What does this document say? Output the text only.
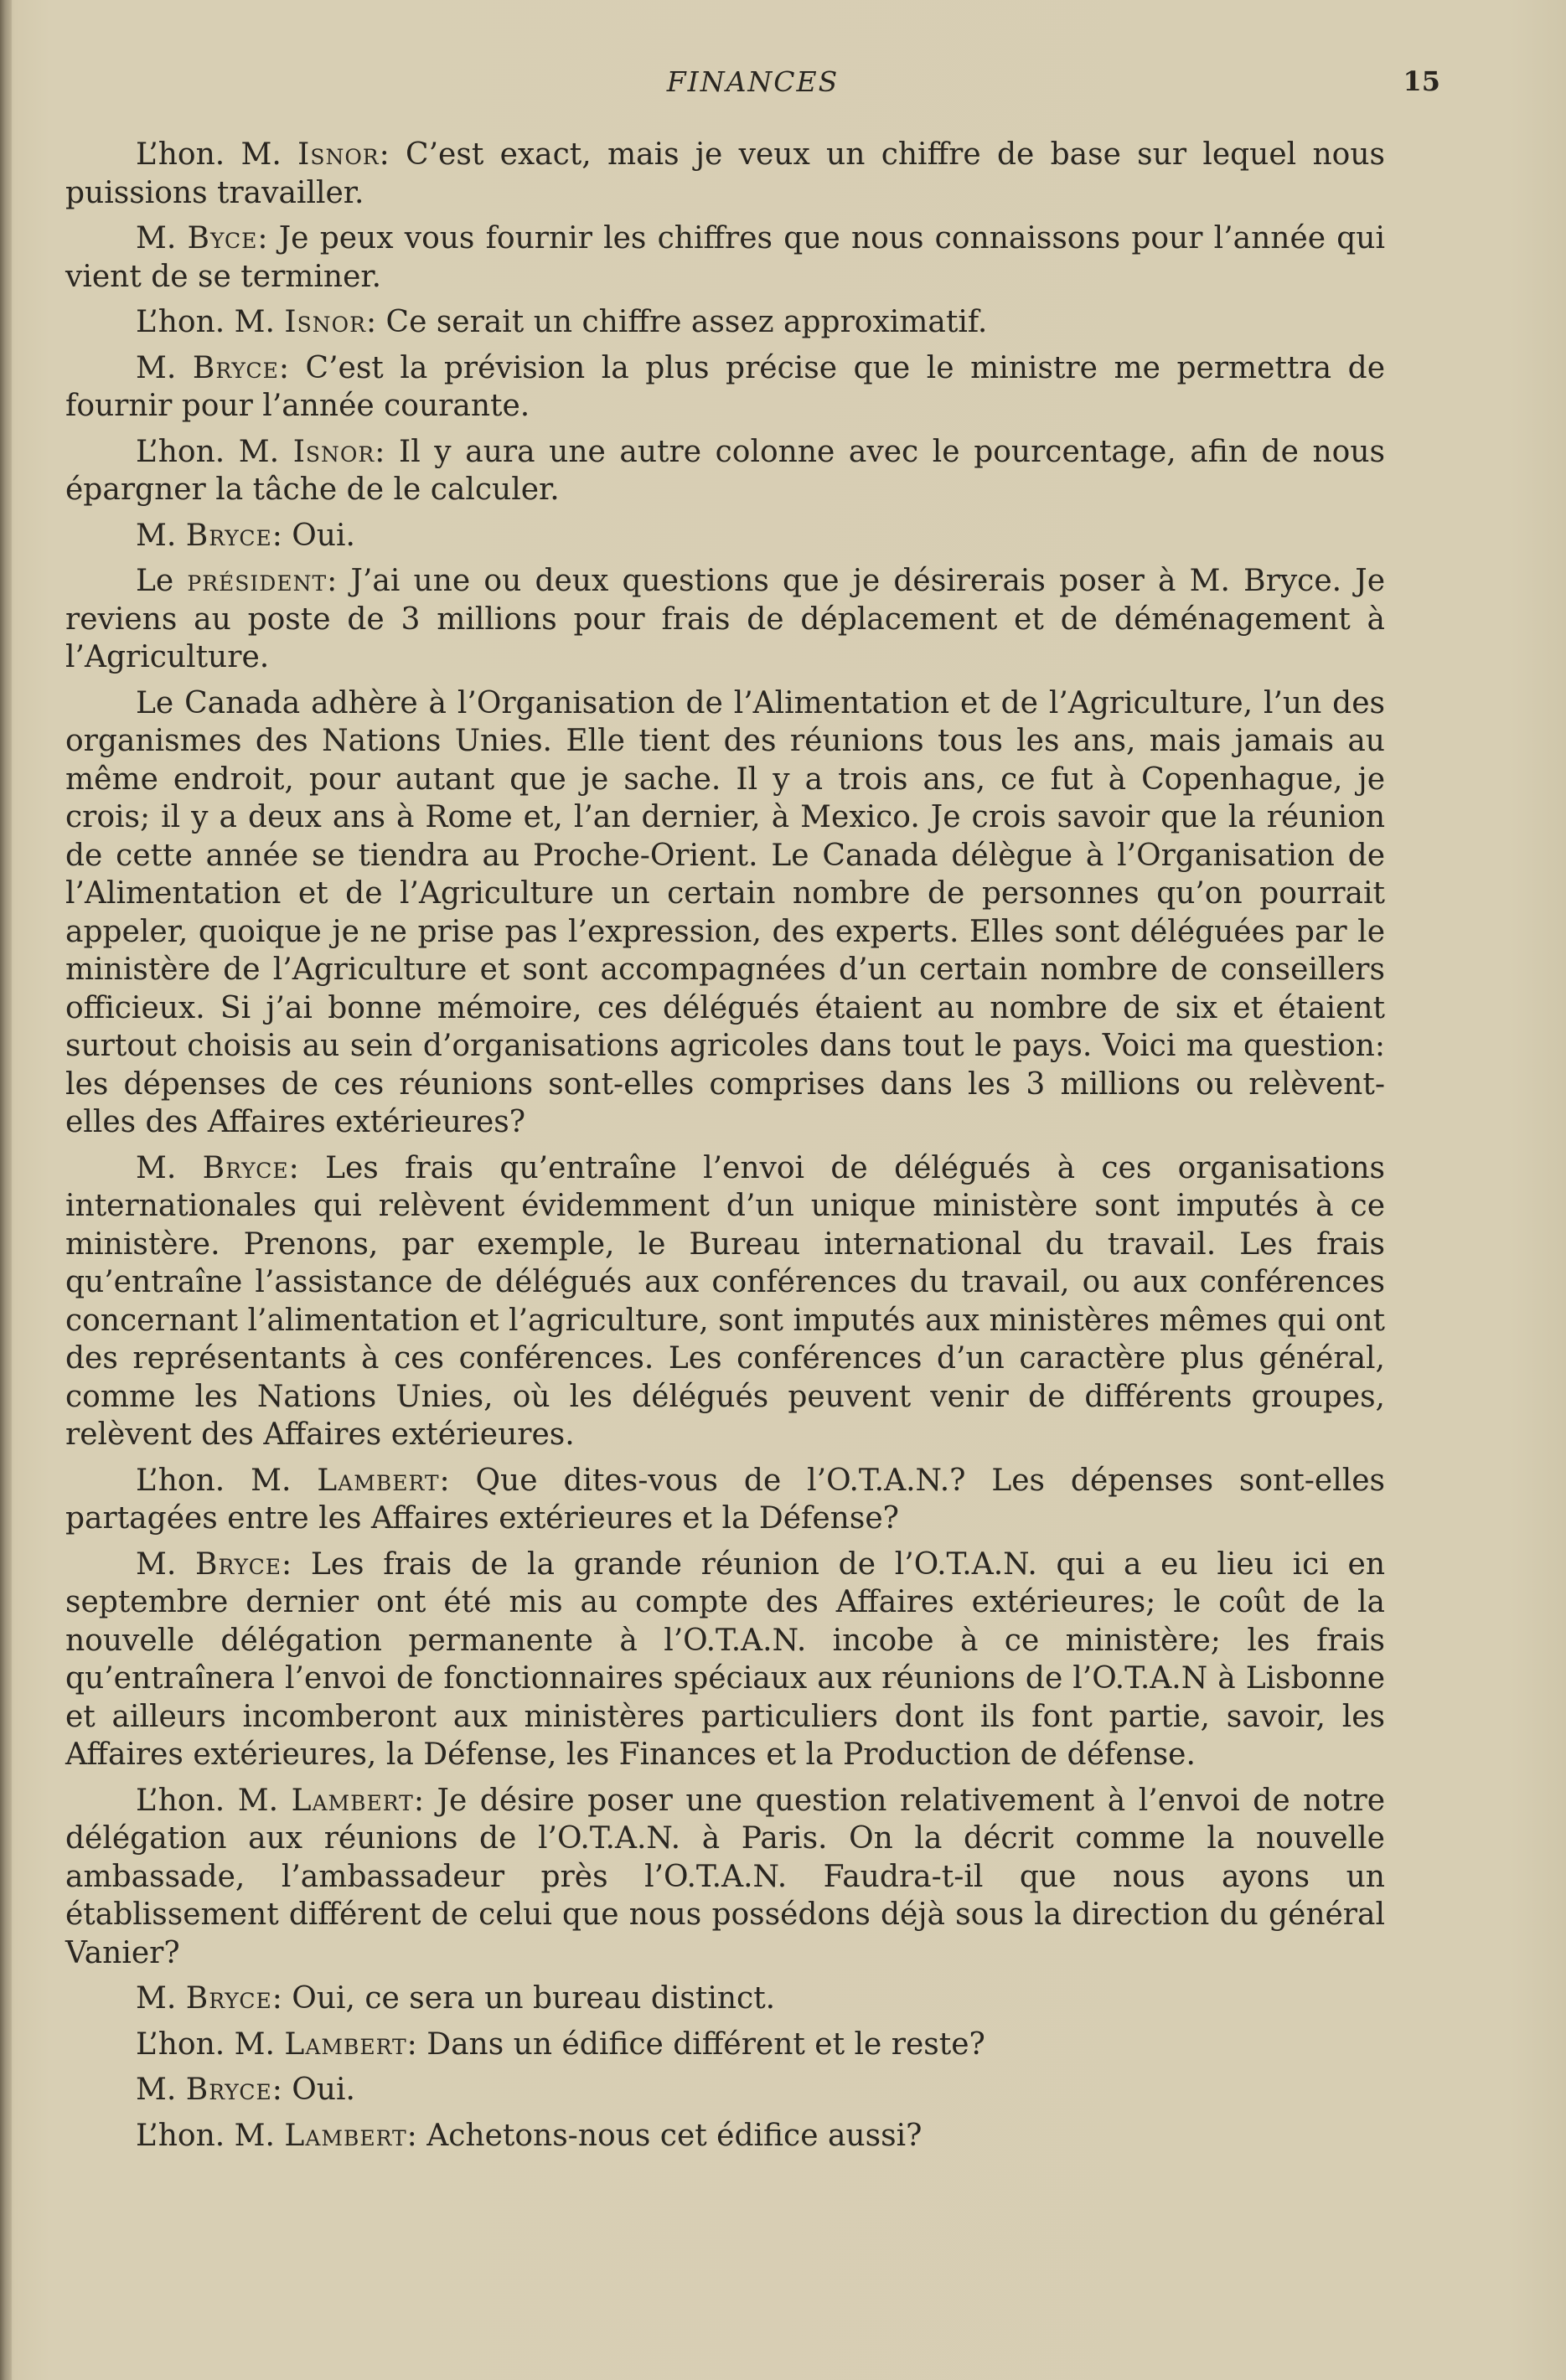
FINANCES	15

L’hon. M. Isnor: C’est exact, mais je veux un chiffre de base sur lequel nous puissions travailler.

M. Byce: Je peux vous fournir les chiffres que nous connaissons pour l’année qui vient de se terminer.

L’hon. M. Isnor: Ce serait un chiffre assez approximatif.

M. Bryce: C’est la prévision la plus précise que le ministre me permettra de fournir pour l’année courante.

L’hon. M. Isnor: Il y aura une autre colonne avec le pourcentage, afin de nous épargner la tâche de le calculer.

M. Bryce: Oui.

Le président: J’ai une ou deux questions que je désirerais poser à M. Bryce. Je reviens au poste de 3 millions pour frais de déplacement et de déménagement à l’Agriculture.

Le Canada adhère à l’Organisation de l’Alimentation et de l’Agriculture, l’un des organismes des Nations Unies. Elle tient des réunions tous les ans, mais jamais au même endroit, pour autant que je sache. Il y a trois ans, ce fut à Copenhague, je crois; il y a deux ans à Rome et, l’an dernier, à Mexico. Je crois savoir que la réunion de cette année se tiendra au Proche-Orient. Le Canada délègue à l’Organisation de l’Alimentation et de l’Agriculture un certain nombre de personnes qu’on pourrait appeler, quoique je ne prise pas l’expression, des experts. Elles sont déléguées par le ministère de l’Agriculture et sont accompagnées d’un certain nombre de conseillers officieux. Si j’ai bonne mémoire, ces délégués étaient au nombre de six et étaient surtout choisis au sein d’organisations agricoles dans tout le pays. Voici ma question: les dépenses de ces réunions sont-elles comprises dans les 3 millions ou relèvent-elles des Affaires extérieures?

M. Bryce: Les frais qu’entraîne l’envoi de délégués à ces organisations internationales qui relèvent évidemment d’un unique ministère sont imputés à ce ministère. Prenons, par exemple, le Bureau international du travail. Les frais qu’entraîne l’assistance de délégués aux conférences du travail, ou aux conférences concernant l’alimentation et l’agriculture, sont imputés aux ministères mêmes qui ont des représentants à ces conférences. Les conférences d’un caractère plus général, comme les Nations Unies, où les délégués peuvent venir de différents groupes, relèvent des Affaires extérieures.

L’hon. M. Lambert: Que dites-vous de l’O.T.A.N.? Les dépenses sont-elles partagées entre les Affaires extérieures et la Défense?

M. Bryce: Les frais de la grande réunion de l’O.T.A.N. qui a eu lieu ici en septembre dernier ont été mis au compte des Affaires extérieures; le coût de la nouvelle délégation permanente à l’O.T.A.N. incobe à ce ministère; les frais qu’entraînera l’envoi de fonctionnaires spéciaux aux réunions de l’O.T.A.N à Lisbonne et ailleurs incomberont aux ministères particuliers dont ils font partie, savoir, les Affaires extérieures, la Défense, les Finances et la Production de défense.

L’hon. M. Lambert: Je désire poser une question relativement à l’envoi de notre délégation aux réunions de l’O.T.A.N. à Paris. On la décrit comme la nouvelle ambassade, l’ambassadeur près l’O.T.A.N. Faudra-t-il que nous ayons un établissement différent de celui que nous possédons déjà sous la direction du général Vanier?

M. Bryce: Oui, ce sera un bureau distinct.

L’hon. M. Lambert: Dans un édifice différent et le reste?

M. Bryce: Oui.

L’hon. M. Lambert: Achetons-nous cet édifice aussi?
